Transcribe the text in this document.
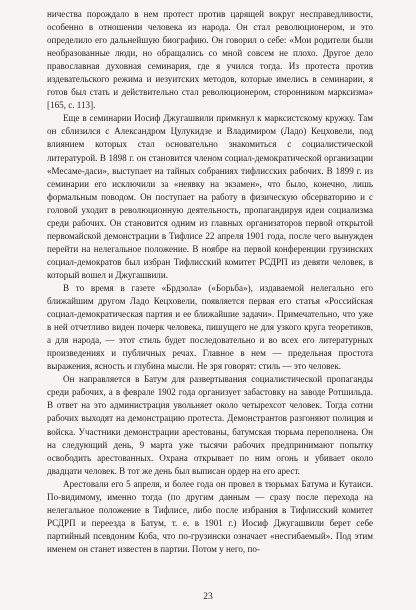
ничества порождало в нем протест против царящей вокруг несправедливости, особенно в отношении человека из народа. Он стал революционером, и это определило его дальнейшую биографию. Он говорил о себе: «Мои родители были необразованные люди, но обращались со мной совсем не плохо. Другое дело православная духовная семинария, где я учился тогда. Из протеста против издевательского режима и иезуитских методов, которые имелись в семинарии, я готов был стать и действительно стал революционером, сторонником марксизма» [165, с. 113].

Еще в семинарии Иосиф Джугашвили примкнул к марксистскому кружку. Там он сблизился с Александром Цулукидзе и Владимиром (Ладо) Кецховели, под влиянием которых стал основательно знакомиться с социалистической литературой. В 1898 г. он становится членом социал-демократической организации «Месаме-даси», выступает на тайных собраниях тифлисских рабочих. В 1899 г. из семинарии его исключили за «неявку на экзамен», что было, конечно, лишь формальным поводом. Он поступает на работу в физическую обсерваторию и с головой уходит в революционную деятельность, пропагандируя идеи социализма среди рабочих. Он становится одним из главных организаторов первой открытой первомайской демонстрации в Тифлисе 22 апреля 1901 года, после чего вынужден перейти на нелегальное положение. В ноябре на первой конференции грузинских социал-демократов был избран Тифлисский комитет РСДРП из девяти человек, в который вошел и Джугашвили.

В то время в газете «Брдзола» («Борьба»), издаваемой нелегально его ближайшим другом Ладо Кецховели, появляется первая его статья «Российская социал-демократическая партия и ее ближайшие задачи». Примечательно, что уже в ней отчетливо виден почерк человека, пишущего не для узкого круга теоретиков, а для народа, — этот стиль будет последовательно и во всех его литературных произведениях и публичных речах. Главное в нем — предельная простота выражения, ясность и глубина мысли. Не зря говорят: стиль — это человек.

Он направляется в Батум для развертывания социалистической пропаганды среди рабочих, а в феврале 1902 года организует забастовку на заводе Ротшильда. В ответ на это администрация увольняет около четырехсот человек. Тогда сотни рабочих выходят на демонстрацию протеста. Демонстрантов разгоняют полиция и войска. Участники демонстрации арестованы, батумская тюрьма переполнена. Он на следующий день, 9 марта уже тысячи рабочих предпринимают попытку освободить арестованных. Охрана открывает по ним огонь и убивает около двадцати человек. В тот же день был выписан ордер на его арест.

Арестовали его 5 апреля, и более года он провел в тюрьмах Батума и Кутаиси. По-видимому, именно тогда (по другим данным — сразу после перехода на нелегальное положение в Тифлисе, либо после избрания в Тифлисский комитет РСДРП и переезда в Батум, т. е. в 1901 г.) Иосиф Джугашвили берет себе партийный псевдоним Коба, что по-грузински означает «несгибаемый». Под этим именем он станет известен в партии. Потом у него, по-

23
